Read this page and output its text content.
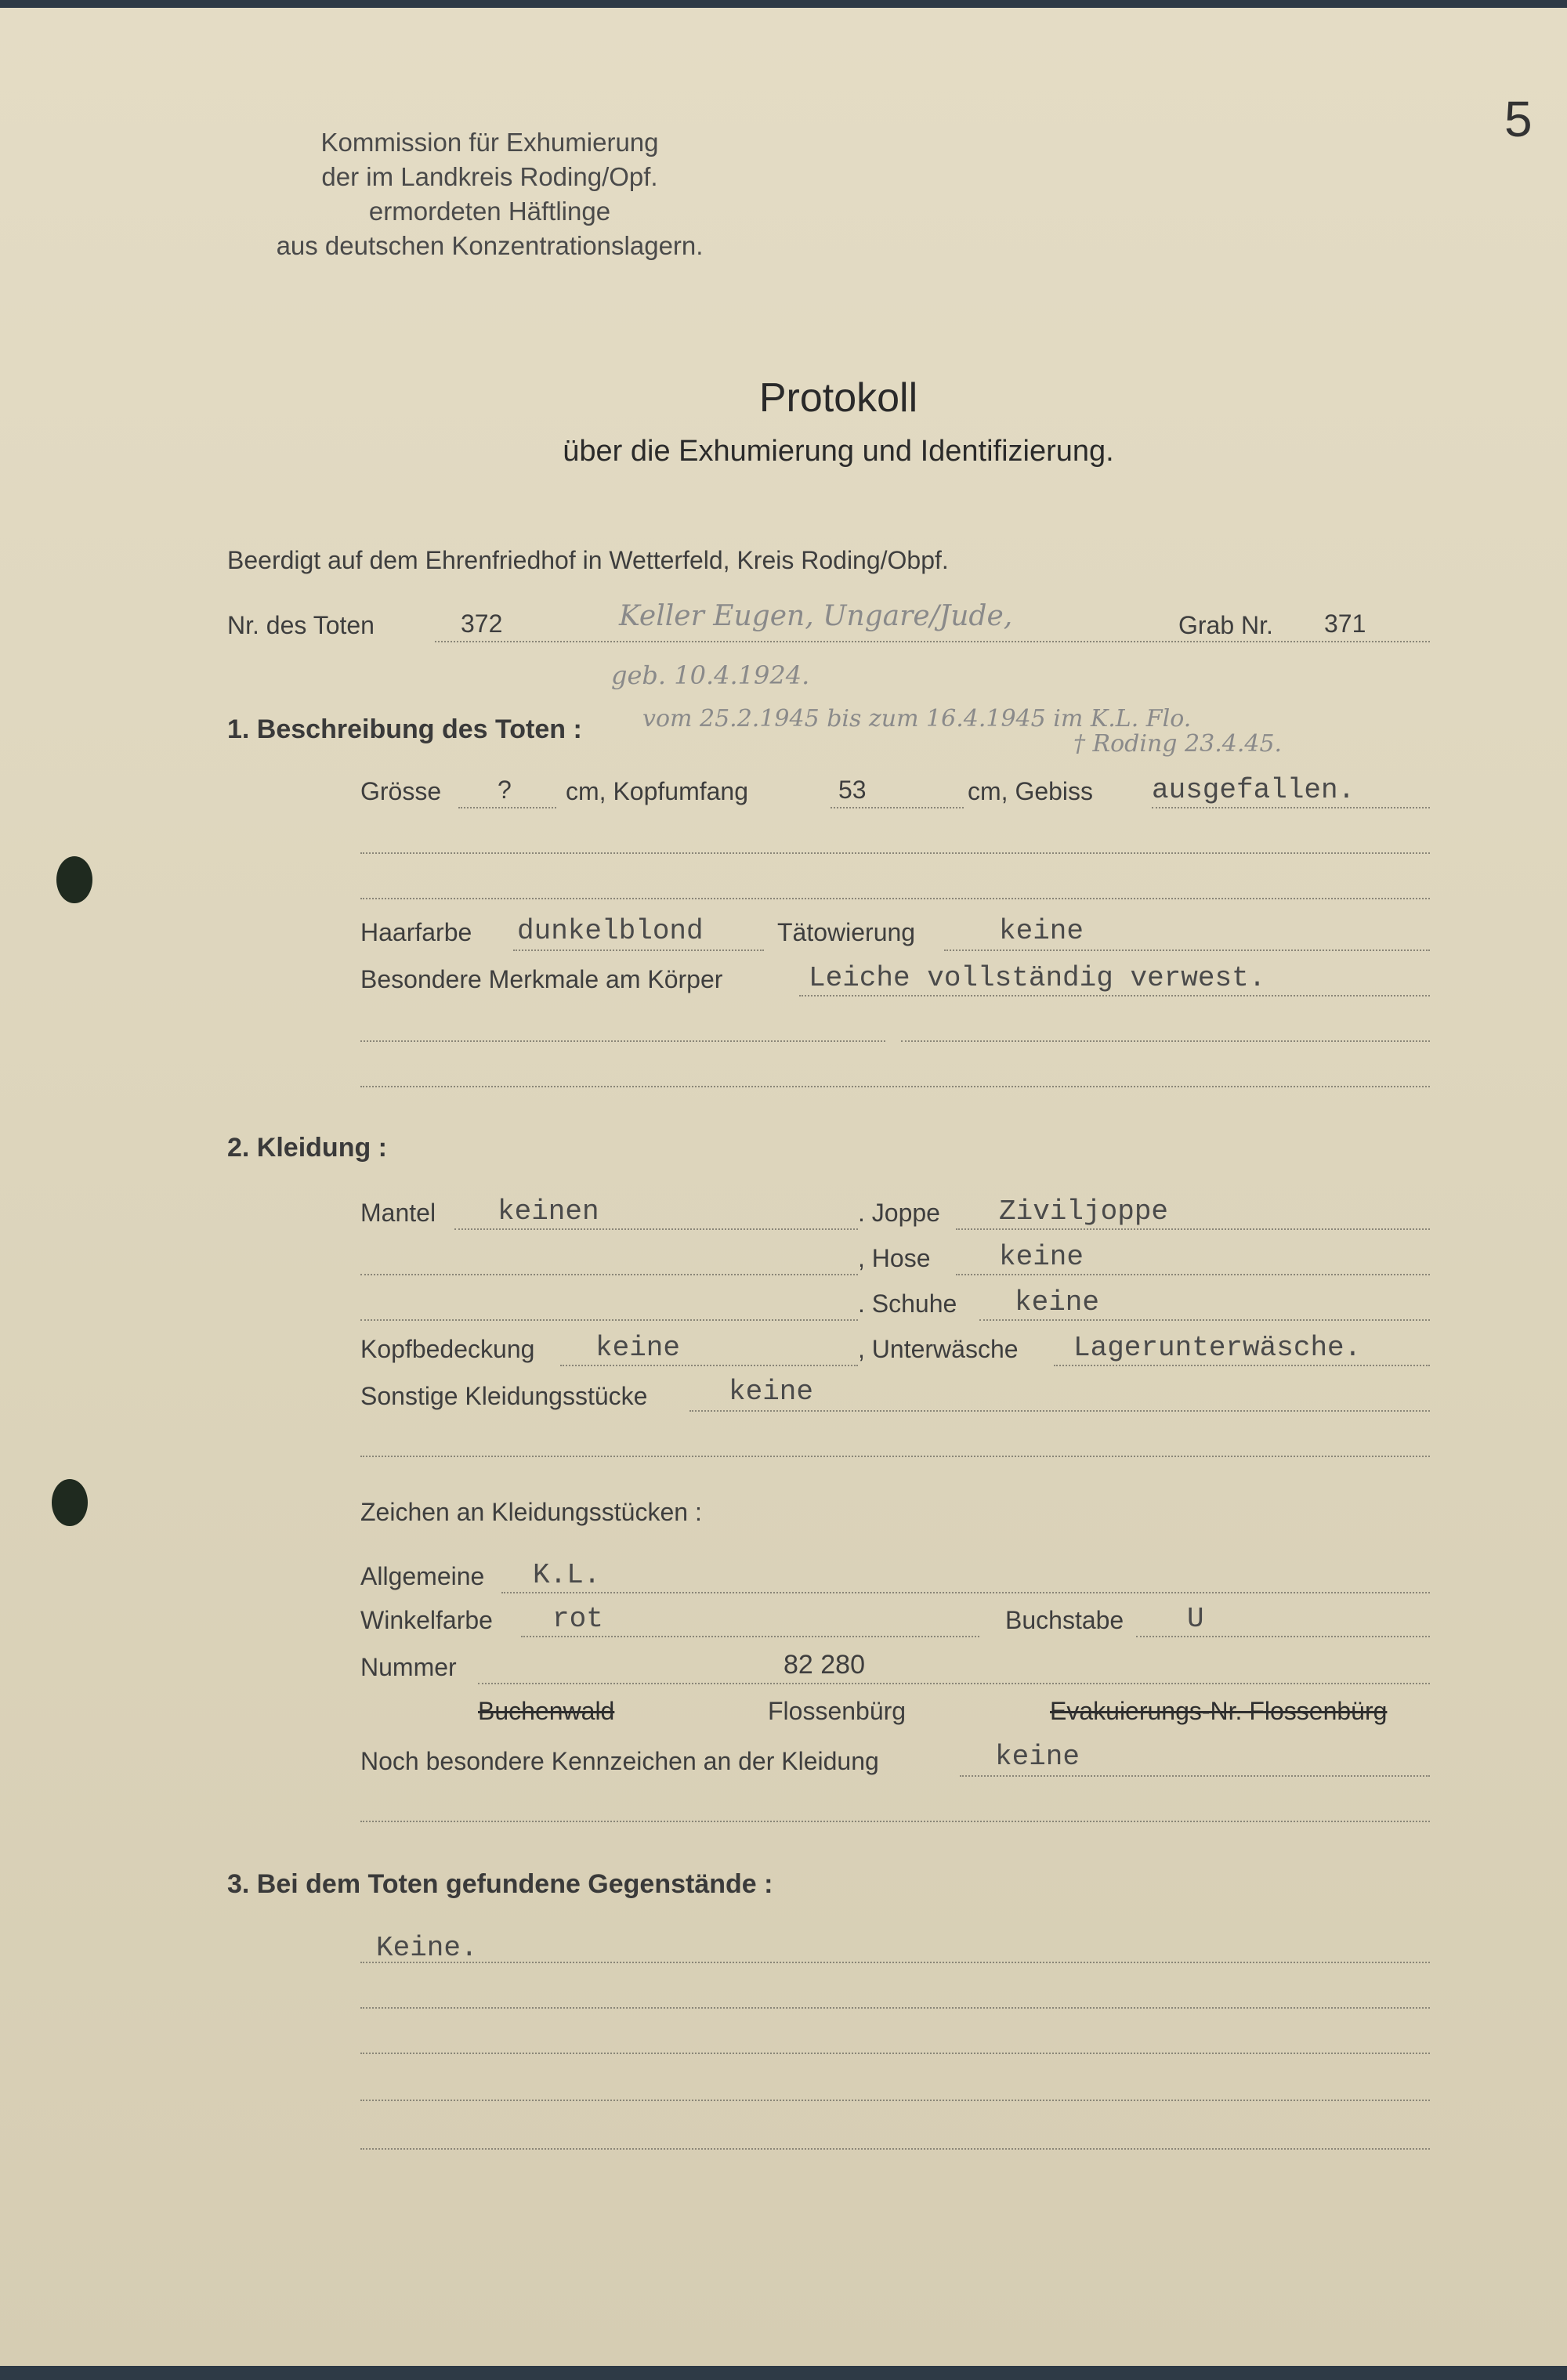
5
Kommission für Exhumierung
der im Landkreis Roding/Opf.
ermordeten Häftlinge
aus deutschen Konzentrationslagern.
Protokoll
über die Exhumierung und Identifizierung.
Beerdigt auf dem Ehrenfriedhof in Wetterfeld, Kreis Roding/Obpf.
Nr. des Toten	372	Keller Eugen, Ungare/Jude,	Grab Nr. 371
geb. 10.4.1924.
1. Beschreibung des Toten :	vom 25.2.1945 bis zum 16.4.1945 im K.L. Flo.
† Roding 23.4.45.
Grösse ? cm, Kopfumfang	53	cm, Gebiss ausgefallen.
Haarfarbe dunkelblond	Tätowierung	keine
Besondere Merkmale am Körper	Leiche vollständig verwest.
2. Kleidung :
Mantel keinen	. Joppe Ziviljoppe
, Hose keine
. Schuhe keine
Kopfbedeckung keine	, Unterwäsche Lagerunterwäsche.
Sonstige Kleidungsstücke	keine
Zeichen an Kleidungsstücken :
Allgemeine K.L.
Winkelfarbe rot	Buchstabe U
Nummer	82 280
Buchenwald	Flossenbürg	Evakuierungs-Nr. Flossenbürg
Noch besondere Kennzeichen an der Kleidung	keine
3. Bei dem Toten gefundene Gegenstände :
Keine.
